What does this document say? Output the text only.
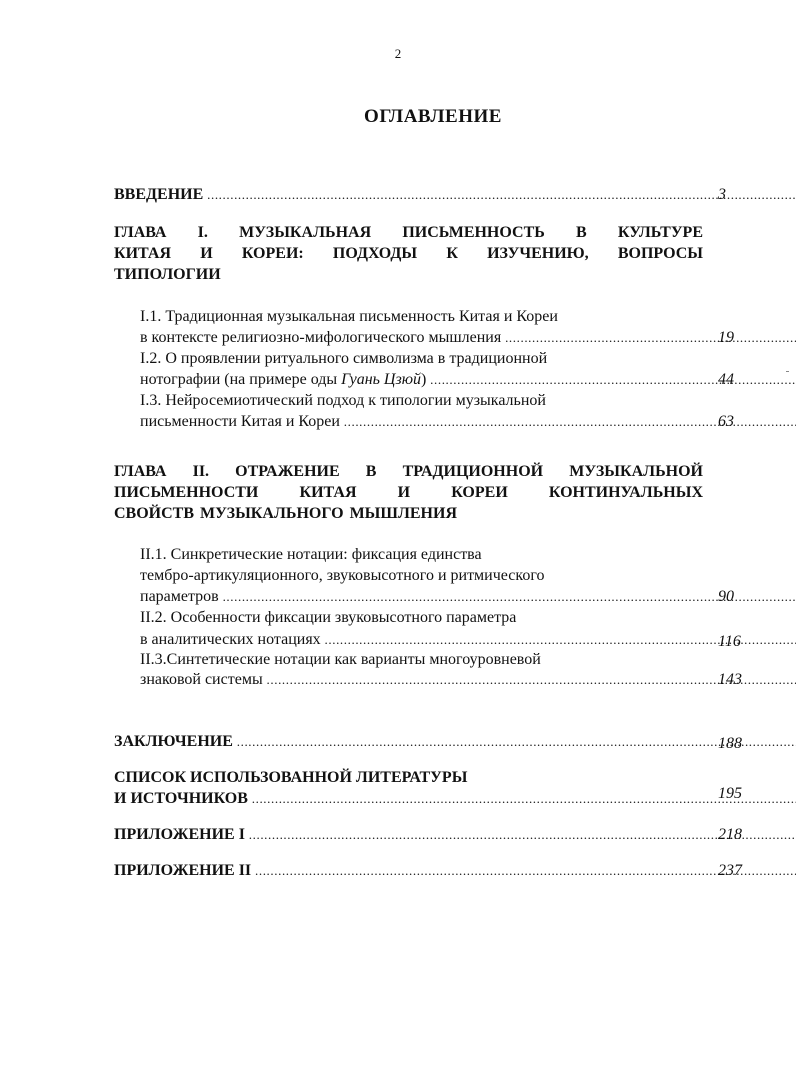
2
ОГЛАВЛЕНИЕ
ВВЕДЕНИЕ .....	3
ГЛАВА I. МУЗЫКАЛЬНАЯ ПИСЬМЕННОСТЬ В КУЛЬТУРЕ
КИТАЯ И КОРЕИ: ПОДХОДЫ К ИЗУЧЕНИЮ, ВОПРОСЫ
ТИПОЛОГИИ
I.1. Традиционная музыкальная письменность Китая и Кореи
в контексте религиозно-мифологического мышления .....	19
I.2. О проявлении ритуального символизма в традиционной
нотографии (на примере оды Гуань Цзюй) .....	44
I.3. Нейросемиотический подход к типологии музыкальной
письменности Китая и Кореи .....	63
ГЛАВА II. ОТРАЖЕНИЕ В ТРАДИЦИОННОЙ МУЗЫКАЛЬНОЙ
ПИСЬМЕННОСТИ КИТАЯ И КОРЕИ КОНТИНУАЛЬНЫХ
СВОЙСТВ МУЗЫКАЛЬНОГО МЫШЛЕНИЯ
II.1. Синкретические нотации: фиксация единства
тембро-артикуляционного, звуковысотного и ритмического
параметров .....	90
II.2. Особенности фиксации звуковысотного параметра
в аналитических нотациях .....	116
II.3.Синтетические нотации как варианты многоуровневой
знаковой системы .....	143
ЗАКЛЮЧЕНИЕ .....	188
СПИСОК ИСПОЛЬЗОВАННОЙ ЛИТЕРАТУРЫ
И ИСТОЧНИКОВ .....	195
ПРИЛОЖЕНИЕ I .....	218
ПРИЛОЖЕНИЕ II .....	237
